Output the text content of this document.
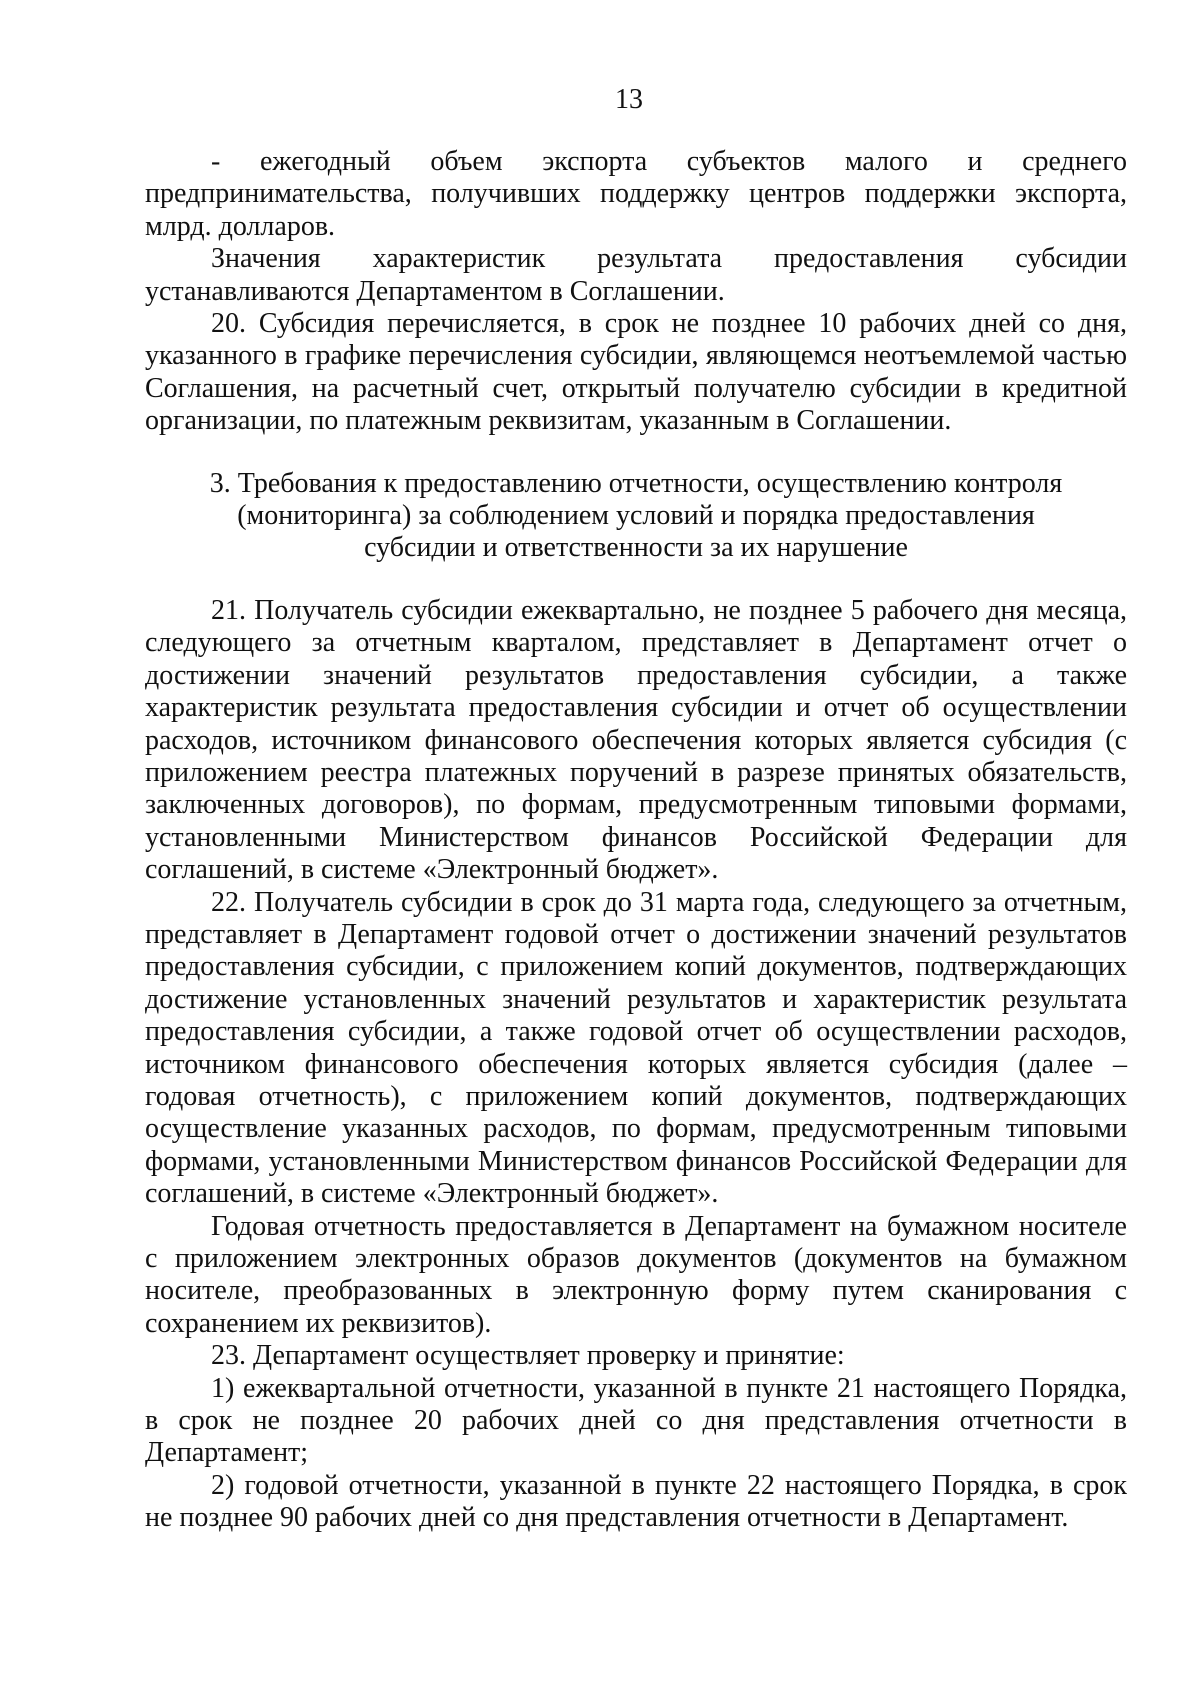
13

- ежегодный объем экспорта субъектов малого и среднего предпринимательства, получивших поддержку центров поддержки экспорта, млрд. долларов.

Значения характеристик результата предоставления субсидии устанавливаются Департаментом в Соглашении.

20. Субсидия перечисляется, в срок не позднее 10 рабочих дней со дня, указанного в графике перечисления субсидии, являющемся неотъемлемой частью Соглашения, на расчетный счет, открытый получателю субсидии в кредитной организации, по платежным реквизитам, указанным в Соглашении.

3. Требования к предоставлению отчетности, осуществлению контроля (мониторинга) за соблюдением условий и порядка предоставления субсидии и ответственности за их нарушение

21. Получатель субсидии ежеквартально, не позднее 5 рабочего дня месяца, следующего за отчетным кварталом, представляет в Департамент отчет о достижении значений результатов предоставления субсидии, а также характеристик результата предоставления субсидии и отчет об осуществлении расходов, источником финансового обеспечения которых является субсидия (с приложением реестра платежных поручений в разрезе принятых обязательств, заключенных договоров), по формам, предусмотренным типовыми формами, установленными Министерством финансов Российской Федерации для соглашений, в системе «Электронный бюджет».

22. Получатель субсидии в срок до 31 марта года, следующего за отчетным, представляет в Департамент годовой отчет о достижении значений результатов предоставления субсидии, с приложением копий документов, подтверждающих достижение установленных значений результатов и характеристик результата предоставления субсидии, а также годовой отчет об осуществлении расходов, источником финансового обеспечения которых является субсидия (далее – годовая отчетность), с приложением копий документов, подтверждающих осуществление указанных расходов, по формам, предусмотренным типовыми формами, установленными Министерством финансов Российской Федерации для соглашений, в системе «Электронный бюджет».

Годовая отчетность предоставляется в Департамент на бумажном носителе с приложением электронных образов документов (документов на бумажном носителе, преобразованных в электронную форму путем сканирования с сохранением их реквизитов).

23. Департамент осуществляет проверку и принятие:

1) ежеквартальной отчетности, указанной в пункте 21 настоящего Порядка, в срок не позднее 20 рабочих дней со дня представления отчетности в Департамент;

2) годовой отчетности, указанной в пункте 22 настоящего Порядка, в срок не позднее 90 рабочих дней со дня представления отчетности в Департамент.
